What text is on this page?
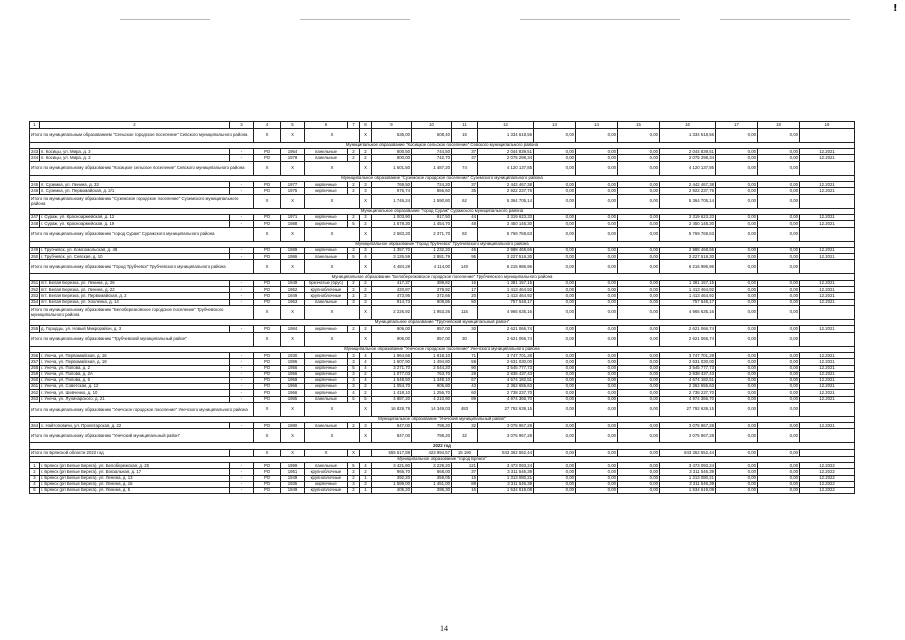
!
1	2	3	4	5	6	7	8	9	10	11	12	13	14	15	16	17	18	19
Итого по муниципальным образованием "Сеньское городское поселение" Севского муниципального района			X	X	X		X	535,00	508,40	15	1 334 618,56	0,00	0,00	0,00	1 334 618,56	0,00	0,00	
Муниципальное образование "Косицкое сельское поселение" Севского муниципального района																		
243	п. Косицы, ул. Мира, д. 3	-	РО	1964	панельные	2	2	800,50	744,50	37	2 044 839,51	0,00	0,00	0,00	2 044 839,51	0,00	0,00	12.2021
244	п. Косицы, ул. Мира, д. 3	-	РО	1978	панельные	2	2	800,00	742,70	37	2 075 298,34	0,00	0,00	0,00	2 075 298,34	0,00	0,00	12.2021
Итого по муниципальному образованию "Косицкое сельское поселение" Севского муниципального района			X	X	X		X	1 601,50	1 487,20	74	4 120 137,85	0,00	0,00	0,00	4 120 137,85	0,00	0,00	
Муниципальное образование "Суземское городское поселение" Суземского муниципального района																		
245	п. Суземка, ул. Ленина, д. 33	-	РО	1977	кирпичные	2	3	769,50	724,20	37	2 442 467,38	0,00	0,00	0,00	2 442 467,38	0,00	0,00	12.2021
246	п. Суземка, ул. Первомайская, д. 2/1	-	РО	1975	кирпичные	2	3	976,74	866,60	35	2 922 237,76	0,00	0,00	0,00	2 922 237,76	0,00	0,00	12.2021
Итого по муниципальному образованию "Суземское городское поселение" Суземского муниципального района			X	X	X		X	1 746,24	1 590,80	62	5 364 705,14	0,00	0,00	0,00	5 364 705,14	0,00	0,00	
Муниципальное образование "город Сураж" Суражского муниципального района																		
247	г. Сураж, ул. Красноармейская, д. 12	-	РО	1971	кирпичные	2	3	1 003,90	917,50	44	3 319 623,33	0,00	0,00	0,00	3 319 623,33	0,00	0,00	12.2021
248	г. Сураж, ул. Красноармейская, д. 19	-	РО	1988	кирпичные	5	2	1 579,30	1 454,70	48	2 450 145,30	0,00	0,00	0,00	2 450 145,30	0,00	0,00	12.2021
Итого по муниципальному образованию "город Сураж" Суражского муниципального района			X	X	X		X	2 583,20	2 371,70	92	5 769 768,63	0,00	0,00	0,00	5 769 768,63	0,00	0,00	
Муниципальное образование "Город Трубчевск" Трубчевского муниципального района																		
249	г. Трубчевск, ул. Комсомольская, д. 48	-	РО	1989	кирпичные	3	3	1 357,70	1 232,20	45	2 988 468,66	0,00	0,00	0,00	2 988 468,66	0,00	0,00	12.2021
250	г. Трубчевск, ул. Севская, д. 10	-	РО	1986	панельные	5	4	3 126,59	2 881,79	95	3 227 518,30	0,00	0,00	0,00	3 227 518,30	0,00	0,00	12.2021
Итого по муниципальному образованию "Город Трубчевск" Трубчевского муниципального района			X	X	X		X	4 484,29	4 114,00	140	6 215 986,96	0,00	0,00	0,00	6 215 986,96	0,00	0,00	
Муниципальное образование "Белоберезковское городское поселение" Трубчевского муниципального района																		
251	пгт. Белая Березка, ул. Ленина, д. 26	-	РО	1949	брезчатые (брус)	2	2	417,37	389,82	16	1 381 157,15	0,00	0,00	0,00	1 381 157,15	0,00	0,00	12.2021
252	пгт. Белая Березка, ул. Ленина, д. 22	-	РО	1952	крупноблочные	2	2	420,87	379,92	17	1 413 464,92	0,00	0,00	0,00	1 413 464,92	0,00	0,00	12.2021
253	пгт. Белая Березка, ул. Первомайская, д. 2	-	РО	1949	крупноблочные	2	2	473,95	372,66	20	1 413 464,92	0,00	0,00	0,00	1 413 464,92	0,00	0,00	12.2021
254	пгт. Белая Березка, ул. Хохленка, д. 14	-	РО	1963	панельные	3	3	914,73	808,86	50	757 548,17	0,00	0,00	0,00	757 548,17	0,00	0,00	12.2021
Итого по муниципальному образованию "Белоберезковское городское поселение" Трубчевского муниципального района			X	X	X		X	2 226,92	1 953,26	115	4 965 635,16	0,00	0,00	0,00	4 965 635,16	0,00	0,00	
Муниципальное образование "Трубчевский муниципальный район"																		
255	д. Городцы, ул. Новый Микрорайон, д. 3	-	РО	1984	кирпичные	2	2	906,00	857,00	30	2 621 066,74	0,00	0,00	0,00	2 621 066,74	0,00	0,00	12.2021
Итого по муниципальному образованию "Трубчевский муниципальный район"			X	X	X		X	906,00	857,00	30	2 621 066,74	0,00	0,00	0,00	2 621 066,74	0,00	0,00	
Муниципальное образование "Унечское городское поселение" Унечского муниципального района																		
256	г. Унеча, ул. Первомайская, д. 16	-	РО	1930	кирпичные	3	4	1 964,66	1 818,10	71	3 747 701,28	0,00	0,00	0,00	3 747 701,28	0,00	0,00	12.2021
257	г. Унеча, ул. Первомайская, д. 18	-	РО	1986	кирпичные	3	4	1 607,90	1 494,80	58	2 631 030,00	0,00	0,00	0,00	2 631 030,00	0,00	0,00	12.2021
258	г. Унеча, ул. Попова, д. 2	-	РО	1956	кирпичные	5	4	3 271,70	2 544,20	90	3 545 777,73	0,00	0,00	0,00	3 545 777,73	0,00	0,00	12.2021
259	г. Унеча, ул. Попова, д. 2А	-	РО	1956	кирпичные	3	2	1 077,03	763,70	28	2 838 437,43	0,00	0,00	0,00	2 838 437,43	0,00	0,00	12.2021
260	г. Унеча, ул. Попова, д. 6	-	РО	1969	кирпичные	3	4	1 548,50	1 348,10	67	4 674 182,51	0,00	0,00	0,00	4 674 182,51	0,00	0,00	12.2021
261	г. Унеча, ул. Советская, д. 12	-	РО	1966	кирпичные	3	2	1 054,70	906,80	43	2 362 655,63	0,00	0,00	0,00	2 362 655,63	0,00	0,00	12.2021
262	г. Унеча, ул. Шевченко, д. 10	-	РО	1966	кирпичные	4	2	1 418,10	1 256,70	60	2 738 237,70	0,00	0,00	0,00	2 738 237,70	0,00	0,00	12.2021
263	г. Унеча, ул. Луначарского, д. 21	-	РО	1985	панельные	5	5	4 887,20	4 210,90	89	4 974 366,70	0,00	0,00	0,00	4 974 366,70	0,00	0,00	12.2021
Итого по муниципальному образованию "Унечское городское поселение" Унечского муниципального района			X	X	X		X	16 829,79	14 349,03	483	27 792 639,15	0,00	0,00	0,00	27 792 639,15	0,00	0,00	
Муниципальное образование "Унечский муниципальный район"																		
264	с. Найтоповичи, ул. Пролетарская, д. 22	-	РО	1980	панельные	2	3	847,00	798,20	32	3 075 967,28	0,00	0,00	0,00	3 075 967,28	0,00	0,00	12.2021
Итого по муниципальному образованию "Унечский муниципальный район"			X	X	X		X	847,00	798,20	32	3 075 967,28	0,00	0,00	0,00	3 075 967,28	0,00	0,00	
2022 год																		
Итого по Брянской области 2022 год			X	X	X	X		555 517,89	423 994,57	15 190	843 362 552,44	0,00	0,00	0,00	843 362 552,44	0,00	0,00	
Муниципальное образование "город Брянск"																		
1	г. Брянск (рп Белые Берега), ул. Белобережская, д. 25	-	РО	1999	панельные	5	4	3 421,90	3 229,20	121	3 473 093,24	0,00	0,00	0,00	3 473 093,24	0,00	0,00	12.2022
2	г. Брянск (рп Белые Берега), ул. Вокзальная, д. 17	-	РО	1951	крупноблочные	2	2	966,70	868,00	37	3 311 546,39	0,00	0,00	0,00	3 311 546,39	0,00	0,00	12.2022
3	г. Брянск (рп Белые Берега), ул. Ленина, д. 13	-	РО	1949	крупноблочные	2	1	392,20	359,05	15	1 313 080,21	0,00	0,00	0,00	1 313 080,21	0,00	0,00	12.2022
4	г. Брянск (рп Белые Берега), ул. Ленина, д. 16	-	РО	1935	кирпичные	3	3	1 589,00	1 451,00	88	3 311 546,39	0,00	0,00	0,00	3 311 546,39	0,00	0,00	12.2022
5	г. Брянск (рп Белые Берега), ул. Ленина, д. 5	-	РО	1949	крупноблочные	2	1	405,20	395,30	16	1 534 619,08	0,00	0,00	0,00	1 534 619,08	0,00	0,00	12.2022
14
